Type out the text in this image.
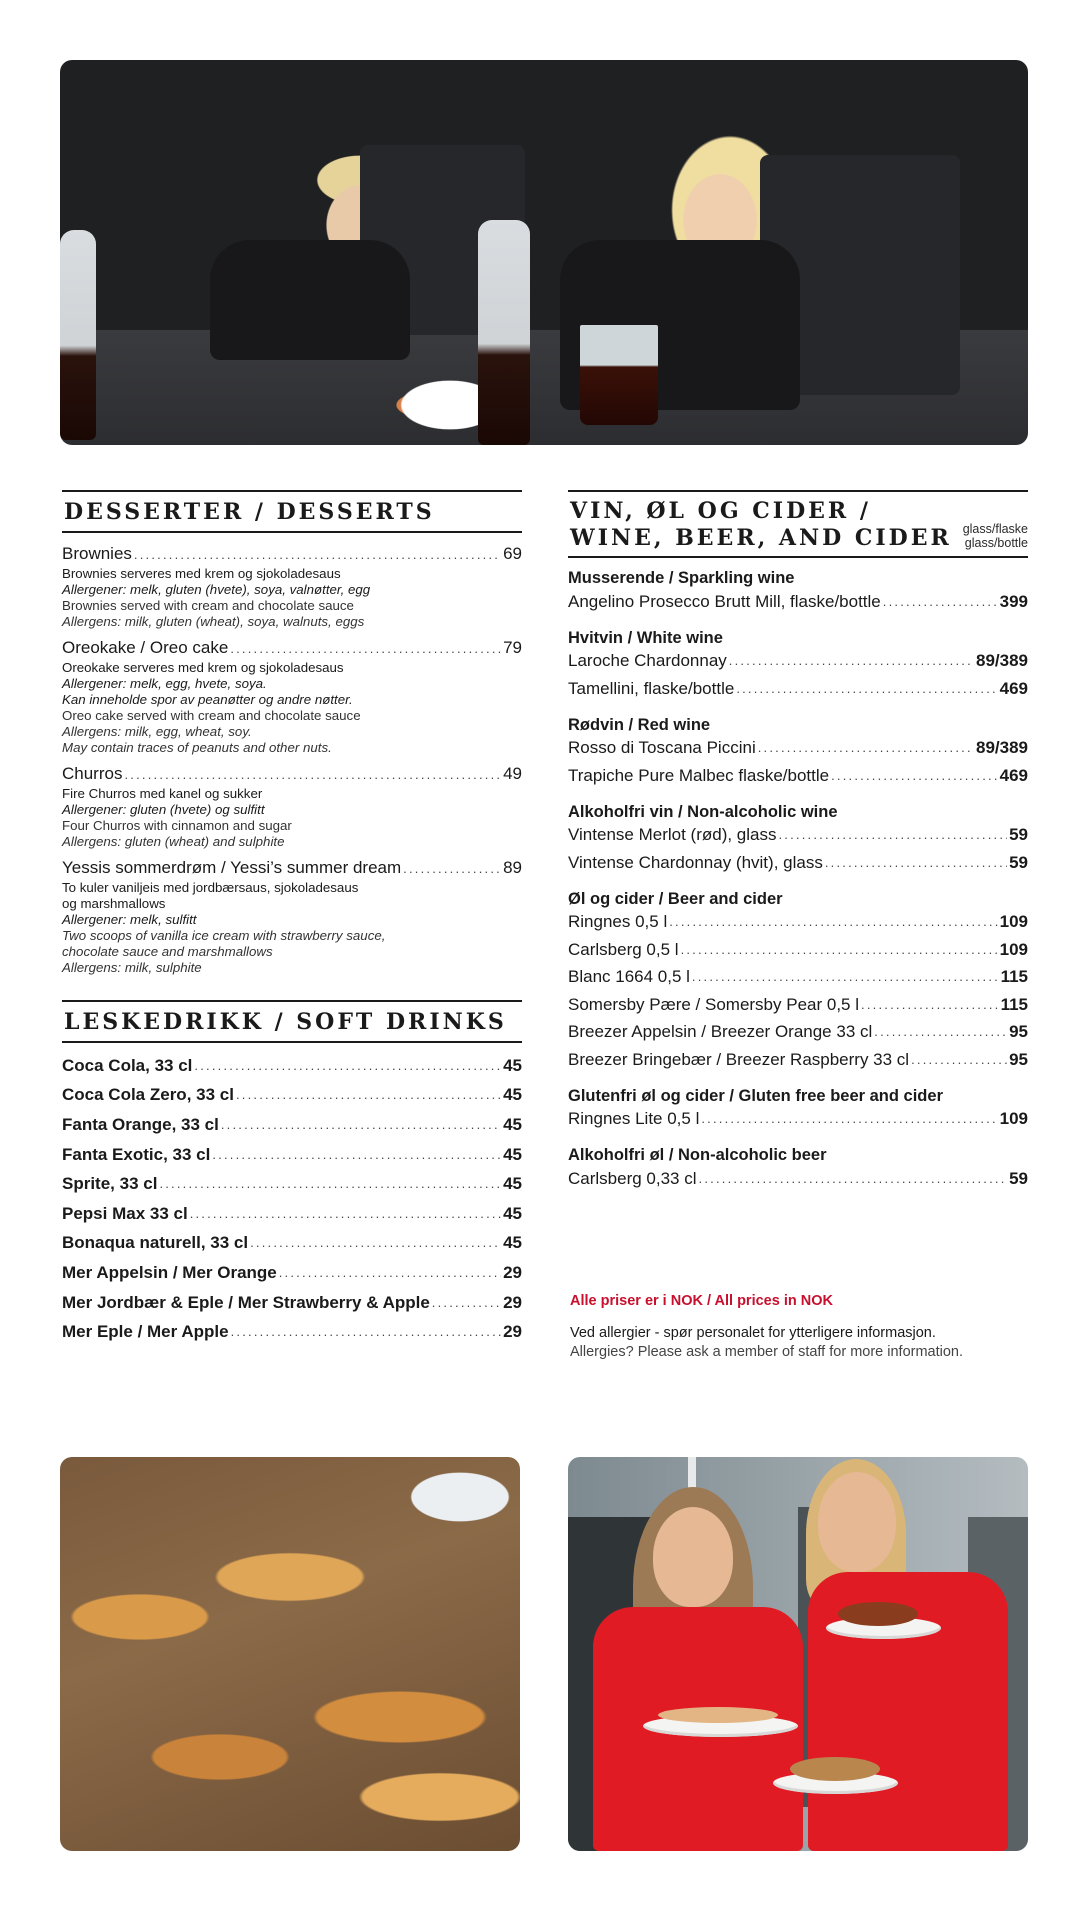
DESSERTER / DESSERTS
Brownies .....	69
Brownies serveres med krem og sjokoladesaus
Allergener: melk, gluten (hvete), soya, valnøtter, egg
Brownies served with cream and chocolate sauce
Allergens: milk, gluten (wheat), soya, walnuts, eggs
Oreokake / Oreo cake .....	79
Oreokake serveres med krem og sjokoladesaus
Allergener: melk, egg, hvete, soya.
Kan inneholde spor av peanøtter og andre nøtter.
Oreo cake served with cream and chocolate sauce
Allergens: milk, egg, wheat, soy.
May contain traces of peanuts and other nuts.
Churros .....	49
Fire Churros med kanel og sukker
Allergener: gluten (hvete) og sulfitt
Four Churros with cinnamon and sugar
Allergens: gluten (wheat) and sulphite
Yessis sommerdrøm / Yessi’s summer dream .....	89
To kuler vaniljeis med jordbærsaus, sjokoladesaus
og marshmallows
Allergener: melk, sulfitt
Two scoops of vanilla ice cream with strawberry sauce,
chocolate sauce and marshmallows
Allergens: milk, sulphite
LESKEDRIKK / SOFT DRINKS
Coca Cola, 33 cl .....	45
Coca Cola Zero, 33 cl .....	45
Fanta Orange, 33 cl .....	45
Fanta Exotic, 33 cl .....	45
Sprite, 33 cl .....	45
Pepsi Max 33 cl .....	45
Bonaqua naturell, 33 cl .....	45
Mer Appelsin / Mer Orange .....	29
Mer Jordbær & Eple / Mer Strawberry & Apple .....	29
Mer Eple / Mer Apple .....	29
VIN, ØL OG CIDER /
WINE, BEER, AND CIDER glass/flaske
glass/bottle
Musserende / Sparkling wine
Angelino Prosecco Brutt Mill, flaske/bottle .....	399
Hvitvin / White wine
Laroche Chardonnay .....	89/389
Tamellini, flaske/bottle .....	469
Rødvin / Red wine
Rosso di Toscana Piccini .....	89/389
Trapiche Pure Malbec flaske/bottle .....	469
Alkoholfri vin / Non-alcoholic wine
Vintense Merlot (rød), glass .....	59
Vintense Chardonnay (hvit), glass .....	59
Øl og cider / Beer and cider
Ringnes 0,5 l .....	109
Carlsberg 0,5 l .....	109
Blanc 1664 0,5 l .....	115
Somersby Pære / Somersby Pear 0,5 l .....	115
Breezer Appelsin / Breezer Orange 33 cl .....	95
Breezer Bringebær / Breezer Raspberry 33 cl .....	95
Glutenfri øl og cider / Gluten free beer and cider
Ringnes Lite 0,5 l .....	109
Alkoholfri øl / Non-alcoholic beer
Carlsberg 0,33 cl .....	59
Alle priser er i NOK / All prices in NOK
Ved allergier - spør personalet for ytterligere informasjon.
Allergies? Please ask a member of staff for more information.
